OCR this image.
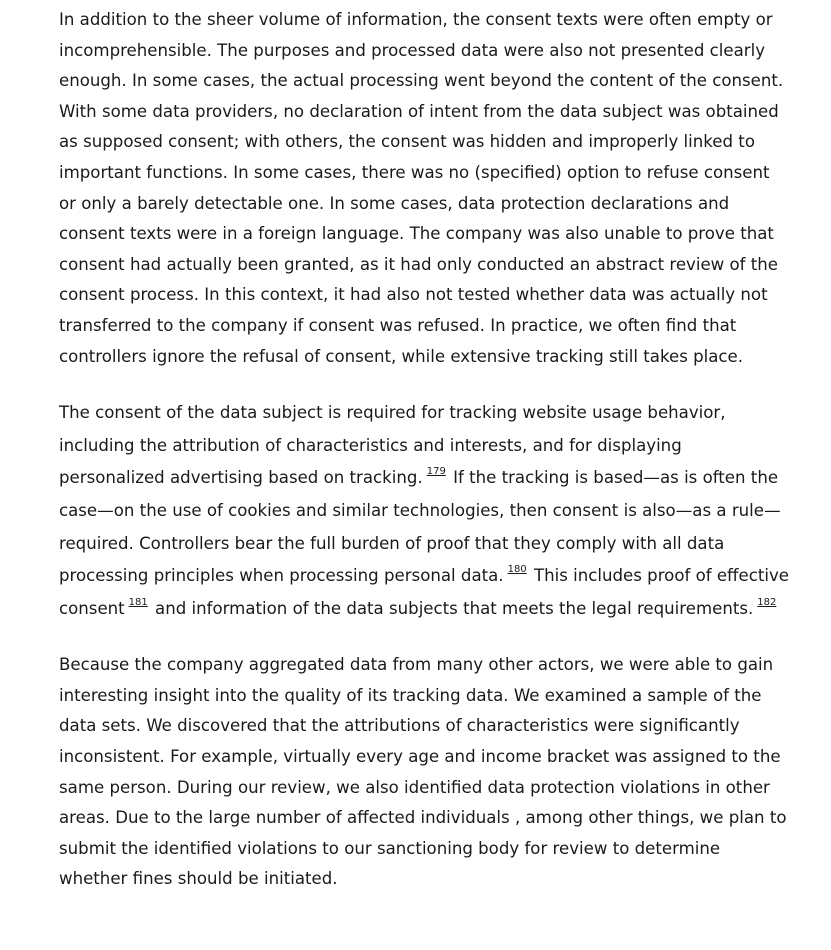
In addition to the sheer volume of information, the consent texts were often empty or incomprehensible. The purposes and processed data were also not presented clearly enough. In some cases, the actual processing went beyond the content of the consent. With some data providers, no declaration of intent from the data subject was obtained as supposed consent; with others, the consent was hidden and improperly linked to important functions. In some cases, there was no (specified) option to refuse consent or only a barely detectable one. In some cases, data protection declarations and consent texts were in a foreign language. The company was also unable to prove that consent had actually been granted, as it had only conducted an abstract review of the consent process. In this context, it had also not tested whether data was actually not transferred to the company if consent was refused. In practice, we often find that controllers ignore the refusal of consent, while extensive tracking still takes place.

The consent of the data subject is required for tracking website usage behavior, including the attribution of characteristics and interests, and for displaying personalized advertising based on tracking. 179 If the tracking is based—as is often the case—on the use of cookies and similar technologies, then consent is also—as a rule—required. Controllers bear the full burden of proof that they comply with all data processing principles when processing personal data. 180 This includes proof of effective consent 181 and information of the data subjects that meets the legal requirements. 182

Because the company aggregated data from many other actors, we were able to gain interesting insight into the quality of its tracking data. We examined a sample of the data sets. We discovered that the attributions of characteristics were significantly inconsistent. For example, virtually every age and income bracket was assigned to the same person. During our review, we also identified data protection violations in other areas. Due to the large number of affected individuals , among other things, we plan to submit the identified violations to our sanctioning body for review to determine whether fines should be initiated.
